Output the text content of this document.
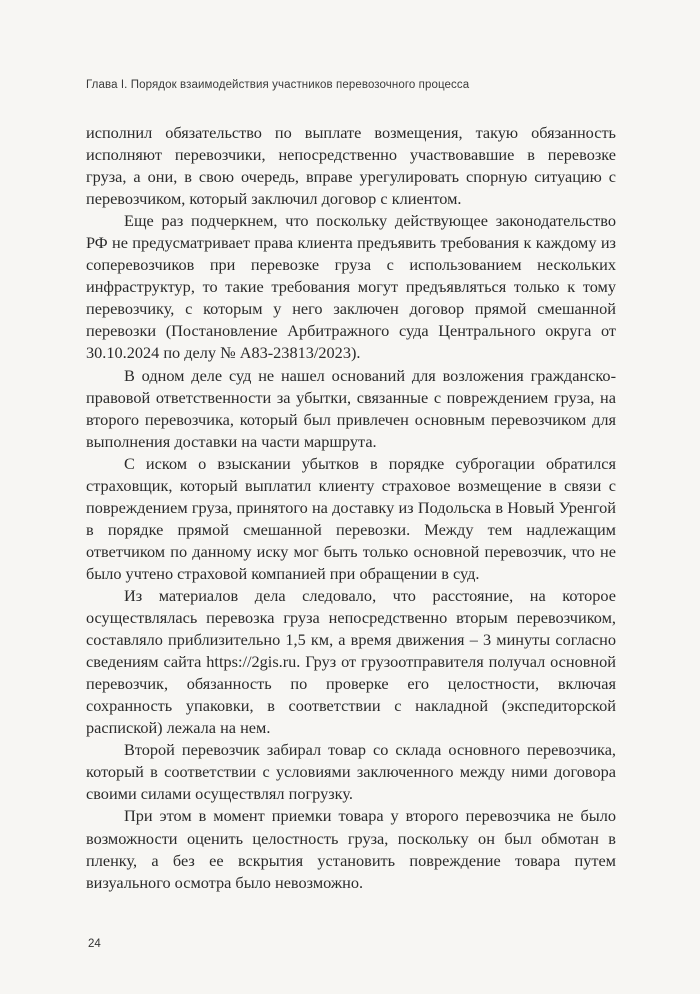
Глава I. Порядок взаимодействия участников перевозочного процесса

исполнил обязательство по выплате возмещения, такую обязанность исполняют перевозчики, непосредственно участвовавшие в перевозке груза, а они, в свою очередь, вправе урегулировать спорную ситуацию с перевозчиком, который заключил договор с клиентом.

Еще раз подчеркнем, что поскольку действующее законодательство РФ не предусматривает права клиента предъявить требования к каждому из соперевозчиков при перевозке груза с использованием нескольких инфраструктур, то такие требования могут предъявляться только к тому перевозчику, с которым у него заключен договор прямой смешанной перевозки (Постановление Арбитражного суда Центрального округа от 30.10.2024 по делу № А83-23813/2023).

В одном деле суд не нашел оснований для возложения гражданско-правовой ответственности за убытки, связанные с повреждением груза, на второго перевозчика, который был привлечен основным перевозчиком для выполнения доставки на части маршрута.

С иском о взыскании убытков в порядке суброгации обратился страховщик, который выплатил клиенту страховое возмещение в связи с повреждением груза, принятого на доставку из Подольска в Новый Уренгой в порядке прямой смешанной перевозки. Между тем надлежащим ответчиком по данному иску мог быть только основной перевозчик, что не было учтено страховой компанией при обращении в суд.

Из материалов дела следовало, что расстояние, на которое осуществлялась перевозка груза непосредственно вторым перевозчиком, составляло приблизительно 1,5 км, а время движения – 3 минуты согласно сведениям сайта https://2gis.ru. Груз от грузоотправителя получал основной перевозчик, обязанность по проверке его целостности, включая сохранность упаковки, в соответствии с накладной (экспедиторской распиской) лежала на нем.

Второй перевозчик забирал товар со склада основного перевозчика, который в соответствии с условиями заключенного между ними договора своими силами осуществлял погрузку.

При этом в момент приемки товара у второго перевозчика не было возможности оценить целостность груза, поскольку он был обмотан в пленку, а без ее вскрытия установить повреждение товара путем визуального осмотра было невозможно.

24
